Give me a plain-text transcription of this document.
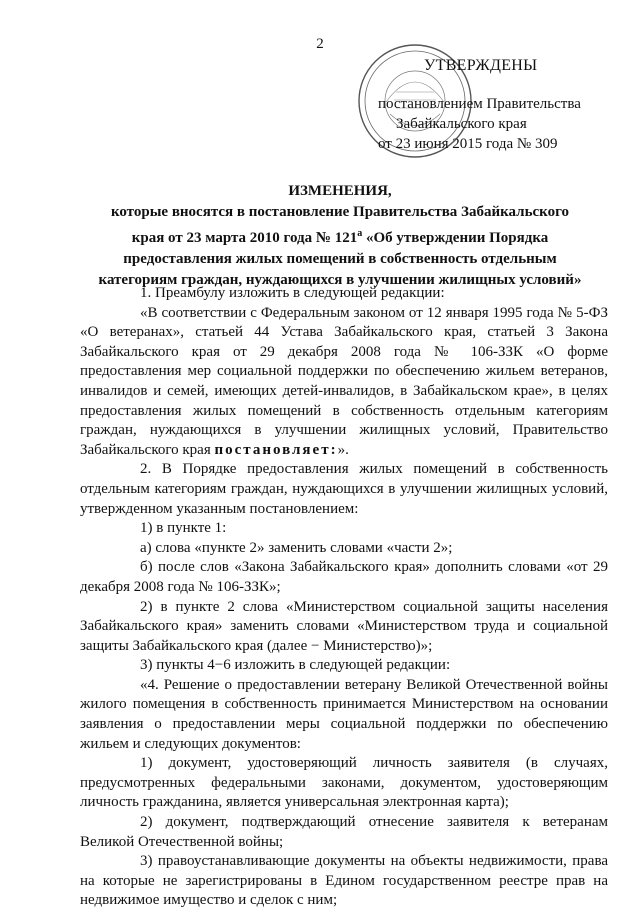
2
УТВЕРЖДЕНЫ
постановлением Правительства
Забайкальского края
от 23 июня 2015 года № 309
ИЗМЕНЕНИЯ,
которые вносятся в постановление Правительства Забайкальского
края от 23 марта 2010 года № $121^а$ «Об утверждении Порядка
предоставления жилых помещений в собственность отдельным
категориям граждан, нуждающихся в улучшении жилищных условий»

1. Преамбулу изложить в следующей редакции:

«В соответствии с Федеральным законом от 12 января 1995 года № 5-ФЗ «О ветеранах», статьей 44 Устава Забайкальского края, статьей 3 Закона Забайкальского края от 29 декабря 2008 года № 106-ЗЗК «О форме предоставления мер социальной поддержки по обеспечению жильем ветеранов, инвалидов и семей, имеющих детей-инвалидов, в Забайкальском крае», в целях предоставления жилых помещений в собственность отдельным категориям граждан, нуждающихся в улучшении жилищных условий, Правительство Забайкальского края постановляет:».

2. В Порядке предоставления жилых помещений в собственность отдельным категориям граждан, нуждающихся в улучшении жилищных условий, утвержденном указанным постановлением:

1) в пункте 1:

а) слова «пункте 2» заменить словами «части 2»;

б) после слов «Закона Забайкальского края» дополнить словами «от 29 декабря 2008 года № 106-ЗЗК»;

2) в пункте 2 слова «Министерством социальной защиты населения Забайкальского края» заменить словами «Министерством труда и социальной защиты Забайкальского края (далее − Министерство)»;

3) пункты 4−6 изложить в следующей редакции:

«4. Решение о предоставлении ветерану Великой Отечественной войны жилого помещения в собственность принимается Министерством на основании заявления о предоставлении меры социальной поддержки по обеспечению жильем и следующих документов:

1) документ, удостоверяющий личность заявителя (в случаях, предусмотренных федеральными законами, документом, удостоверяющим личность гражданина, является универсальная электронная карта);

2) документ, подтверждающий отнесение заявителя к ветеранам Великой Отечественной войны;

3) правоустанавливающие документы на объекты недвижимости, права на которые не зарегистрированы в Едином государственном реестре прав на недвижимое имущество и сделок с ним;
